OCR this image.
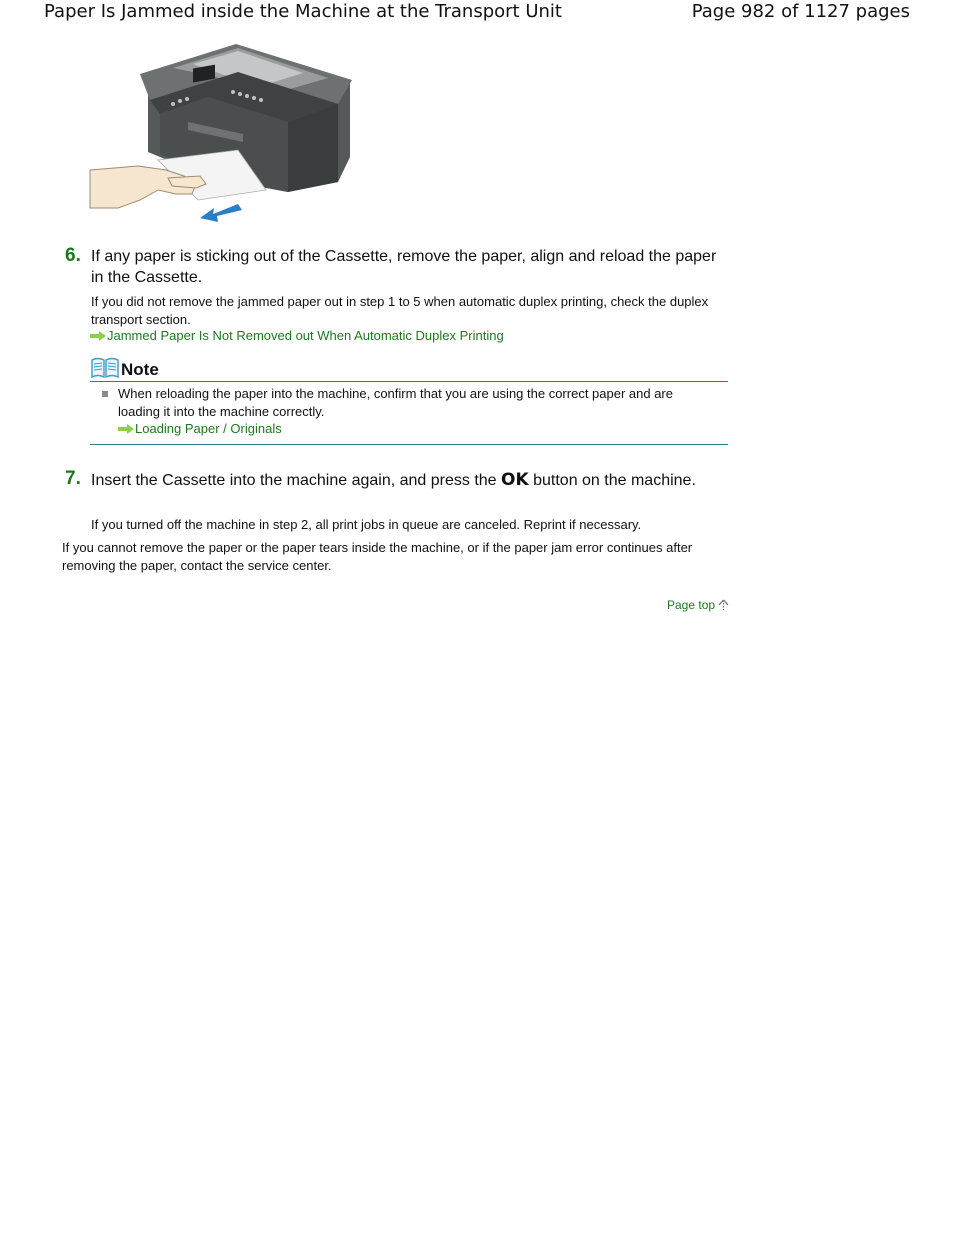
Paper Is Jammed inside the Machine at the Transport Unit	Page 982 of 1127 pages
6. If any paper is sticking out of the Cassette, remove the paper, align and reload the paper in the Cassette.
If you did not remove the jammed paper out in step 1 to 5 when automatic duplex printing, check the duplex transport section.
Jammed Paper Is Not Removed out When Automatic Duplex Printing
Note
When reloading the paper into the machine, confirm that you are using the correct paper and are loading it into the machine correctly.
Loading Paper / Originals
7. Insert the Cassette into the machine again, and press the OK button on the machine.
If you turned off the machine in step 2, all print jobs in queue are canceled. Reprint if necessary.
If you cannot remove the paper or the paper tears inside the machine, or if the paper jam error continues after removing the paper, contact the service center.
Page top
